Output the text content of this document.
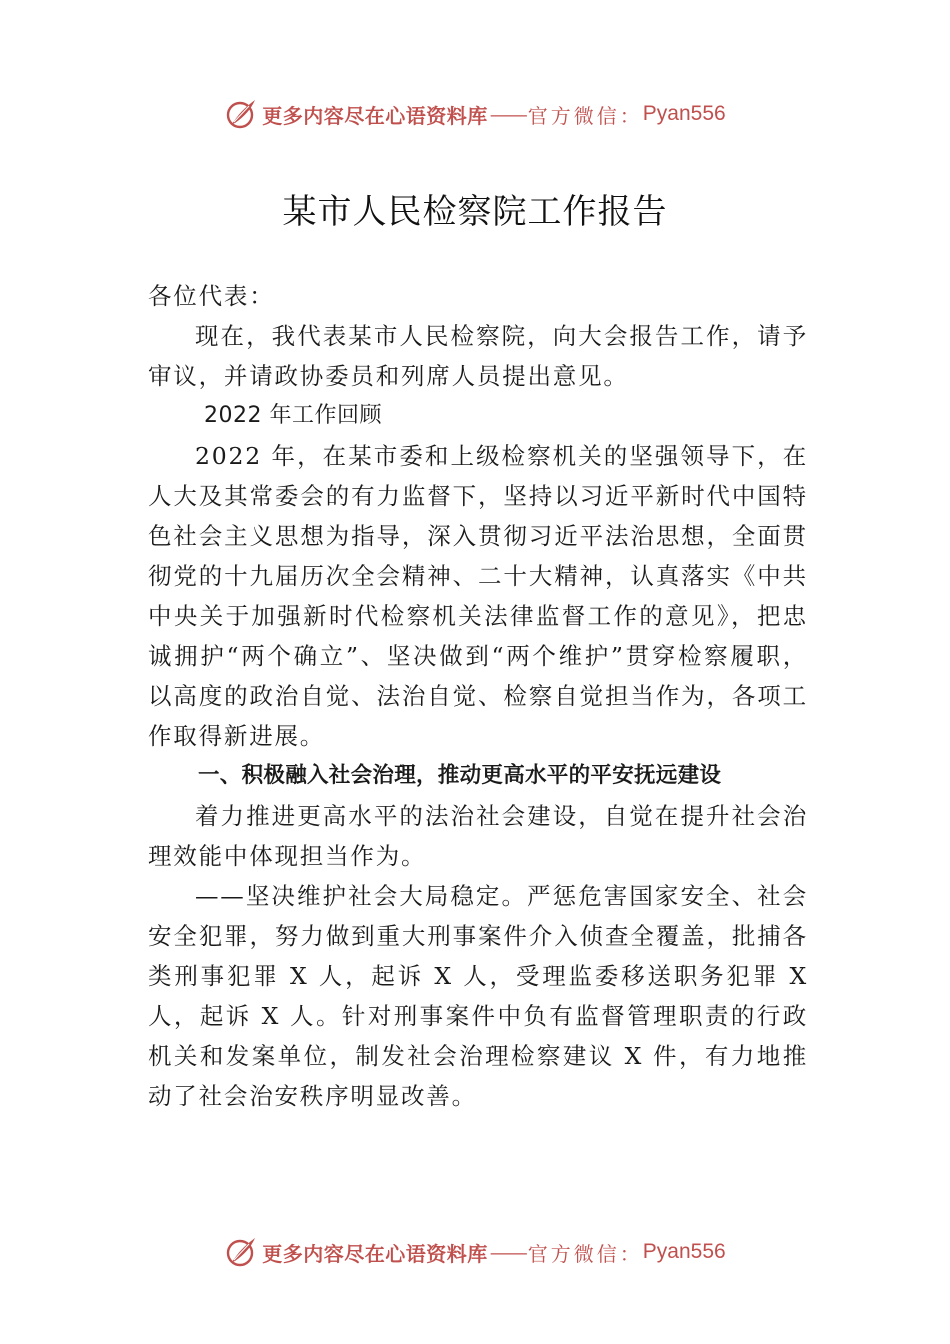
更多内容尽在心语资料库 —— 官方微信： Pyan556
某市人民检察院工作报告

各位代表：

现在，我代表某市人民检察院，向大会报告工作，请予审议，并请政协委员和列席人员提出意见。

2022 年工作回顾

2022 年，在某市委和上级检察机关的坚强领导下，在人大及其常委会的有力监督下，坚持以习近平新时代中国特色社会主义思想为指导，深入贯彻习近平法治思想，全面贯彻党的十九届历次全会精神、二十大精神，认真落实《中共中央关于加强新时代检察机关法律监督工作的意见》，把忠 诚拥护“两个确立”、坚决做到“两个维护”贯穿检察履职， 以高度的政治自觉、法治自觉、检察自觉担当作为，各项工作取得新进展。

一、积极融入社会治理，推动更高水平的平安抚远建设

着力推进更高水平的法治社会建设，自觉在提升社会治理效能中体现担当作为。

——坚决维护社会大局稳定。严惩危害国家安全、社会安全犯罪，努力做到重大刑事案件介入侦查全覆盖，批捕各类刑事犯罪 X 人，起诉 X 人，受理监委移送职务犯罪 X 人，起诉 X 人。针对刑事案件中负有监督管理职责的行政机关和发案单位，制发社会治理检察建议 X 件，有力地推动了社会治安秩序明显改善。

更多内容尽在心语资料库 —— 官方微信： Pyan556
